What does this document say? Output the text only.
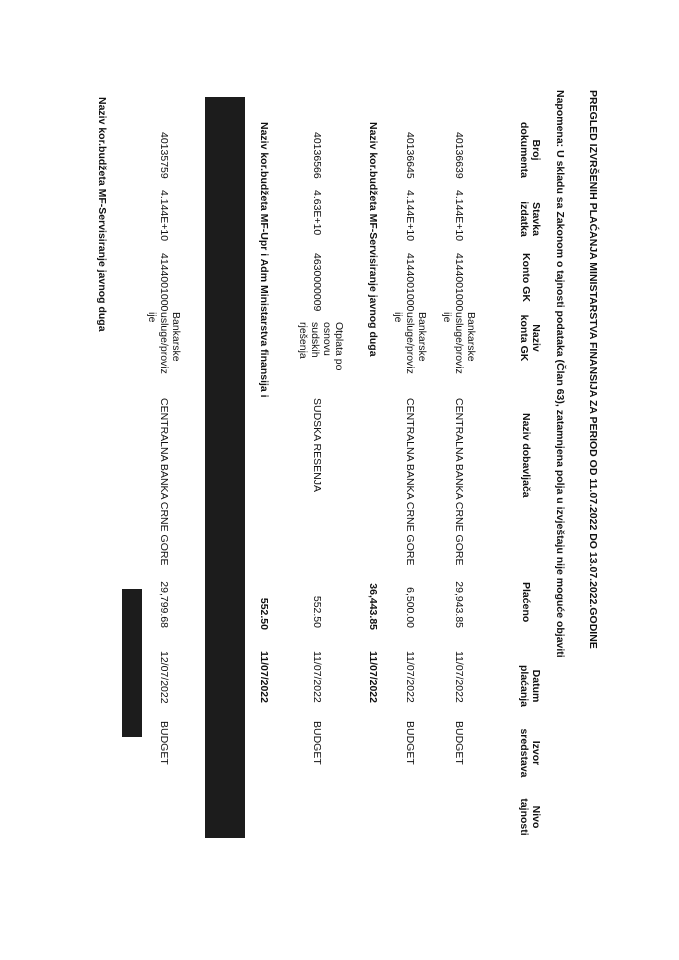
PREGLED IZVRŠENIH PLAĆANJA MINISTARSTVA FINANSIJA ZA PERIOD OD 11.07.2022 DO 13.07.2022.GODINE
Napomena: U skladu sa Zakonom o tajnosti podataka (Član 63), zatamnjena polja u izvještaju nije moguće objaviti
Broj dokumenta
Stavka izdatka
Konto GK
Naziv konta GK
Naziv dobavljača
Plaćeno
Datum plaćanja
Izvor sredstava
Nivo tajnosti
40136639
4.144E+10
4144001000
Bankarske usluge/proviz ije
CENTRALNA BANKA CRNE GORE
29,943.85
11/07/2022
BUDGET
40136645
4.144E+10
4144001000
Bankarske usluge/proviz ije
CENTRALNA BANKA CRNE GORE
6,500.00
11/07/2022
BUDGET
Naziv kor.budžeta MF-Servisiranje javnog duga
36,443.85
11/07/2022
40136566
4.63E+10
4630000009
Otplata po osnovu sudskih rješenja
SUDSKA RESENJA
552.50
11/07/2022
BUDGET
Naziv kor.budžeta MF-Upr i Adm Ministarstva finansija i
552.50
11/07/2022
40135759
4.144E+10
4144001000
Bankarske usluge/proviz ije
CENTRALNA BANKA CRNE GORE
29,799.68
12/07/2022
BUDGET
Naziv kor.budžeta MF-Servisiranje javnog duga
